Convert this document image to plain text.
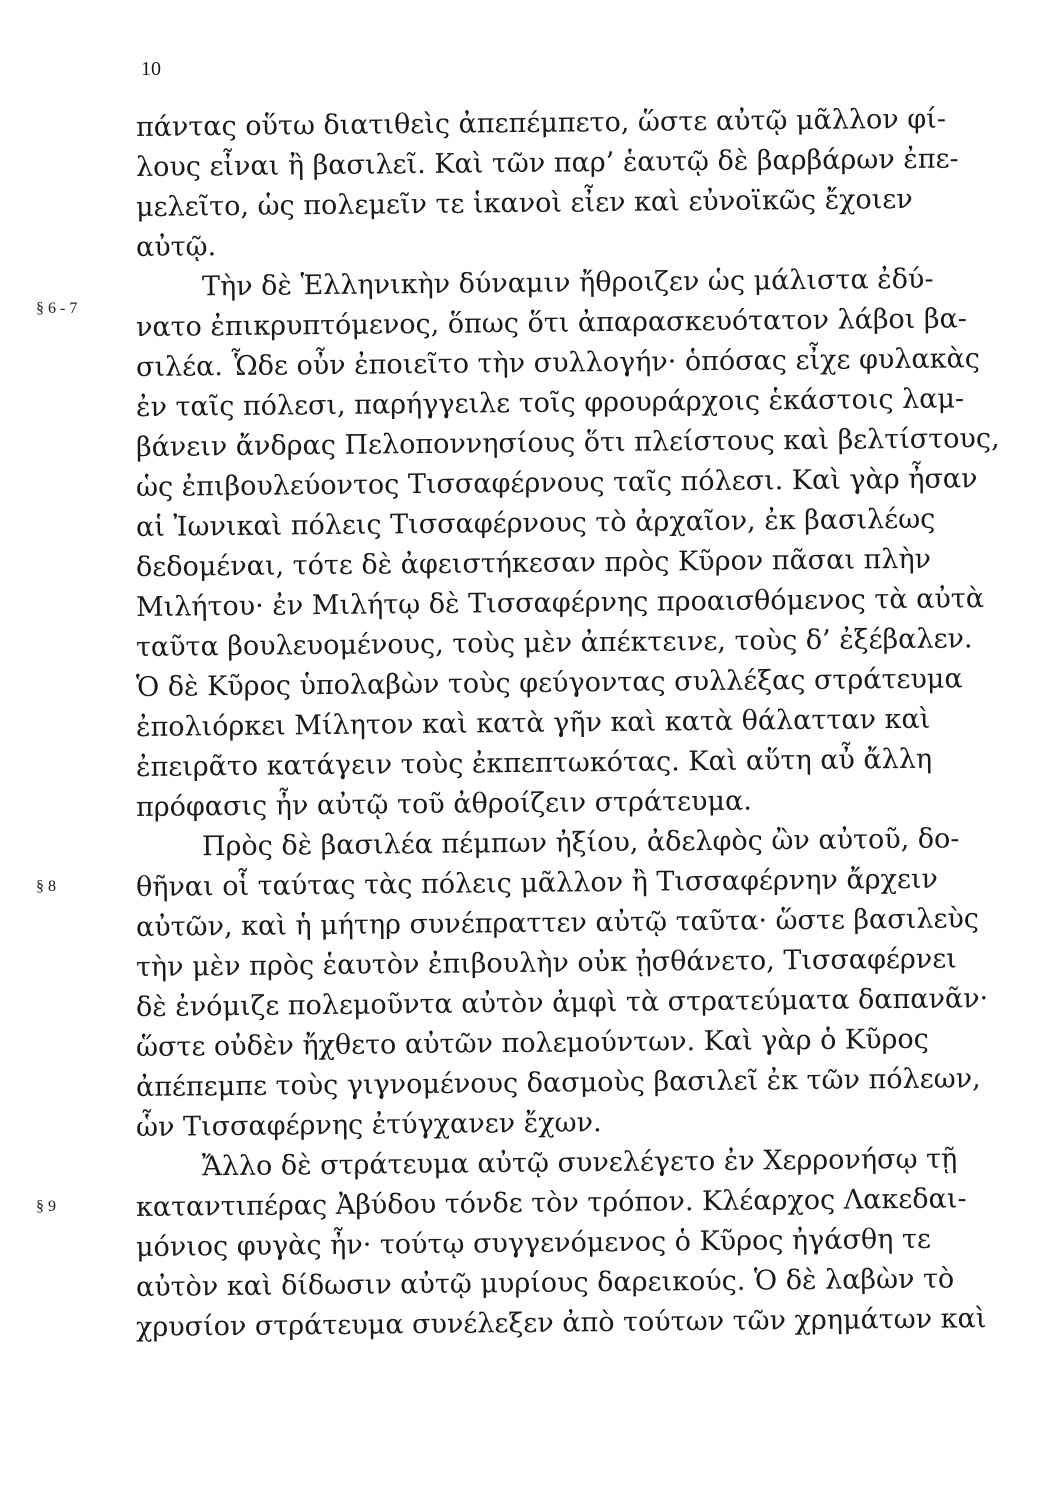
10
§ 6 - 7
§ 8
§ 9
πάντας οὕτω διατιθεὶς ἀπεπέμπετο, ὥστε αὐτῷ μᾶλλον φί-
λους εἶναι ἢ βασιλεῖ. Καὶ τῶν παρ’ ἑαυτῷ δὲ βαρβάρων ἐπε-
μελεῖτο, ὡς πολεμεῖν τε ἱκανοὶ εἶεν καὶ εὐνοϊκῶς ἔχοιεν
αὐτῷ.
Τὴν δὲ Ἑλληνικὴν δύναμιν ἤθροιζεν ὡς μάλιστα ἐδύ-
νατο ἐπικρυπτόμενος, ὅπως ὅτι ἀπαρασκευότατον λάβοι βα-
σιλέα. Ὧδε οὖν ἐποιεῖτο τὴν συλλογήν· ὁπόσας εἶχε φυλακὰς
ἐν ταῖς πόλεσι, παρήγγειλε τοῖς φρουράρχοις ἑκάστοις λαμ-
βάνειν ἄνδρας Πελοποννησίους ὅτι πλείστους καὶ βελτίστους,
ὡς ἐπιβουλεύοντος Τισσαφέρνους ταῖς πόλεσι. Καὶ γὰρ ἦσαν
αἱ Ἰωνικαὶ πόλεις Τισσαφέρνους τὸ ἀρχαῖον, ἐκ βασιλέως
δεδομέναι, τότε δὲ ἀφειστήκεσαν πρὸς Κῦρον πᾶσαι πλὴν
Μιλήτου· ἐν Μιλήτῳ δὲ Τισσαφέρνης προαισθόμενος τὰ αὐτὰ
ταῦτα βουλευομένους, τοὺς μὲν ἀπέκτεινε, τοὺς δ’ ἐξέβαλεν.
Ὁ δὲ Κῦρος ὑπολαβὼν τοὺς φεύγοντας συλλέξας στράτευμα
ἐπολιόρκει Μίλητον καὶ κατὰ γῆν καὶ κατὰ θάλατταν καὶ
ἐπειρᾶτο κατάγειν τοὺς ἐκπεπτωκότας. Καὶ αὕτη αὖ ἄλλη
πρόφασις ἦν αὐτῷ τοῦ ἀθροίζειν στράτευμα.
Πρὸς δὲ βασιλέα πέμπων ἠξίου, ἀδελφὸς ὢν αὐτοῦ, δο-
θῆναι οἷ ταύτας τὰς πόλεις μᾶλλον ἢ Τισσαφέρνην ἄρχειν
αὐτῶν, καὶ ἡ μήτηρ συνέπραττεν αὐτῷ ταῦτα· ὥστε βασιλεὺς
τὴν μὲν πρὸς ἑαυτὸν ἐπιβουλὴν οὐκ ᾐσθάνετο, Τισσαφέρνει
δὲ ἐνόμιζε πολεμοῦντα αὐτὸν ἀμφὶ τὰ στρατεύματα δαπανᾶν·
ὥστε οὐδὲν ἤχθετο αὐτῶν πολεμούντων. Καὶ γὰρ ὁ Κῦρος
ἀπέπεμπε τοὺς γιγνομένους δασμοὺς βασιλεῖ ἐκ τῶν πόλεων,
ὧν Τισσαφέρνης ἐτύγχανεν ἔχων.
Ἄλλο δὲ στράτευμα αὐτῷ συνελέγετο ἐν Χερρονήσῳ τῇ
καταντιπέρας Ἀβύδου τόνδε τὸν τρόπον. Κλέαρχος Λακεδαι-
μόνιος φυγὰς ἦν· τούτῳ συγγενόμενος ὁ Κῦρος ἠγάσθη τε
αὐτὸν καὶ δίδωσιν αὐτῷ μυρίους δαρεικούς. Ὁ δὲ λαβὼν τὸ
χρυσίον στράτευμα συνέλεξεν ἀπὸ τούτων τῶν χρημάτων καὶ
